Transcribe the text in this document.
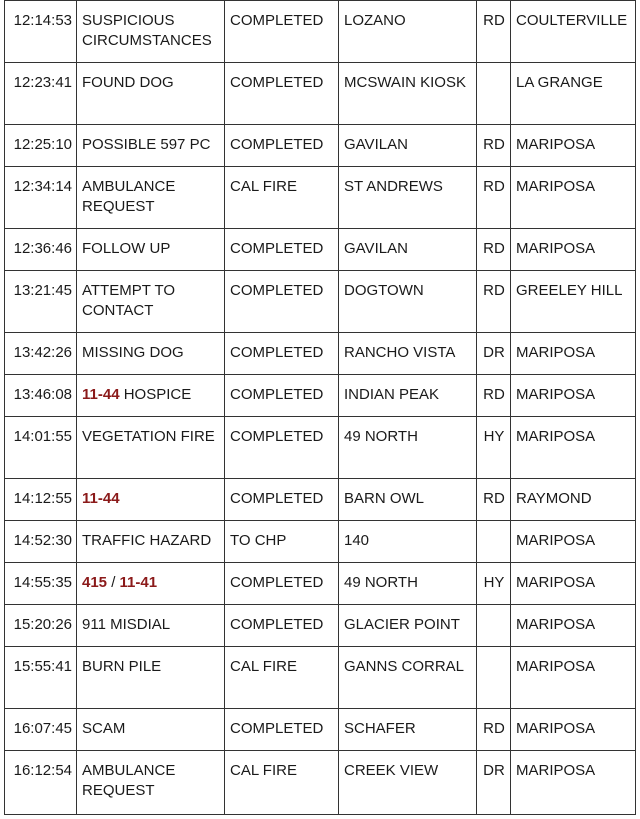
12:14:53	SUSPICIOUS CIRCUMSTANCES	COMPLETED	LOZANO	RD	COULTERVILLE
12:23:41	FOUND DOG	COMPLETED	MCSWAIN KIOSK		LA GRANGE
12:25:10	POSSIBLE 597 PC	COMPLETED	GAVILAN	RD	MARIPOSA
12:34:14	AMBULANCE REQUEST	CAL FIRE	ST ANDREWS	RD	MARIPOSA
12:36:46	FOLLOW UP	COMPLETED	GAVILAN	RD	MARIPOSA
13:21:45	ATTEMPT TO CONTACT	COMPLETED	DOGTOWN	RD	GREELEY HILL
13:42:26	MISSING DOG	COMPLETED	RANCHO VISTA	DR	MARIPOSA
13:46:08	11-44 HOSPICE	COMPLETED	INDIAN PEAK	RD	MARIPOSA
14:01:55	VEGETATION FIRE	COMPLETED	49 NORTH	HY	MARIPOSA
14:12:55	11-44	COMPLETED	BARN OWL	RD	RAYMOND
14:52:30	TRAFFIC HAZARD	TO CHP	140		MARIPOSA
14:55:35	415 / 11-41	COMPLETED	49 NORTH	HY	MARIPOSA
15:20:26	911 MISDIAL	COMPLETED	GLACIER POINT		MARIPOSA
15:55:41	BURN PILE	CAL FIRE	GANNS CORRAL		MARIPOSA
16:07:45	SCAM	COMPLETED	SCHAFER	RD	MARIPOSA
16:12:54	AMBULANCE REQUEST	CAL FIRE	CREEK VIEW	DR	MARIPOSA
